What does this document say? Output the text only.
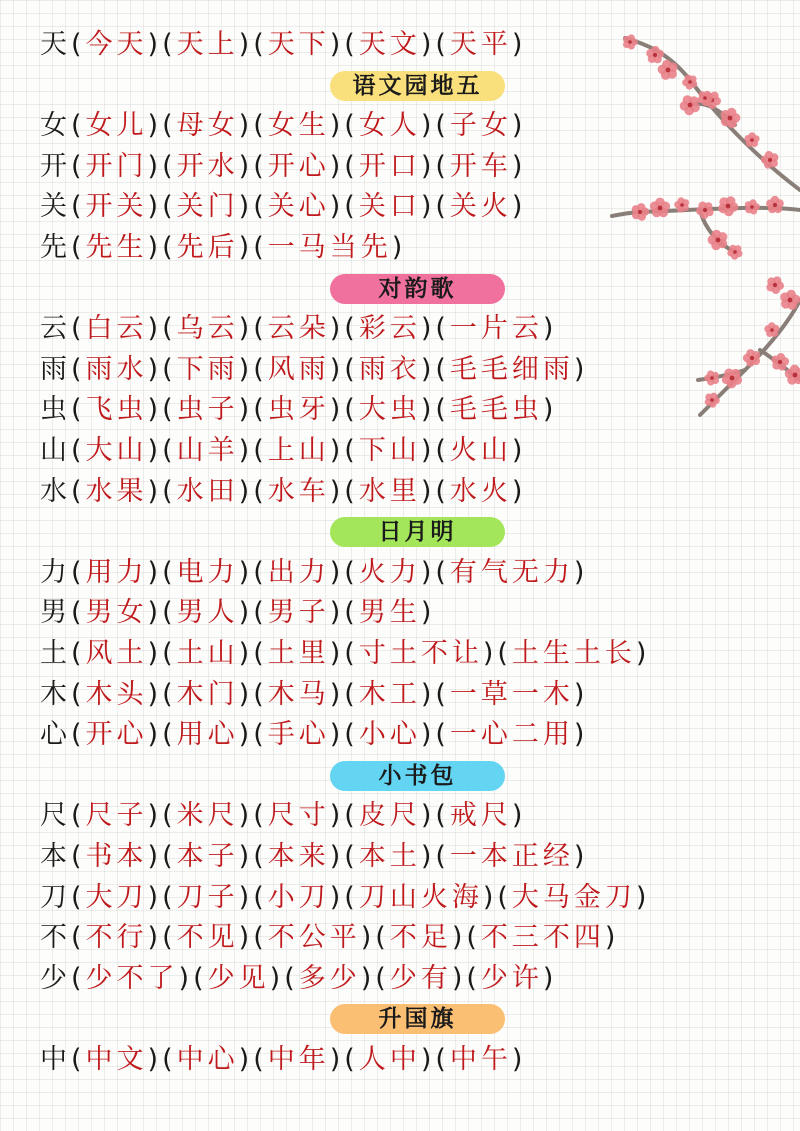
天(今天)(天上)(天下)(天文)(天平)
语文园地五
女(女儿)(母女)(女生)(女人)(子女)
开(开门)(开水)(开心)(开口)(开车)
关(开关)(关门)(关心)(关口)(关火)
先(先生)(先后)(一马当先)
对韵歌
云(白云)(乌云)(云朵)(彩云)(一片云)
雨(雨水)(下雨)(风雨)(雨衣)(毛毛细雨)
虫(飞虫)(虫子)(虫牙)(大虫)(毛毛虫)
山(大山)(山羊)(上山)(下山)(火山)
水(水果)(水田)(水车)(水里)(水火)
日月明
力(用力)(电力)(出力)(火力)(有气无力)
男(男女)(男人)(男子)(男生)
土(风土)(土山)(土里)(寸土不让)(土生土长)
木(木头)(木门)(木马)(木工)(一草一木)
心(开心)(用心)(手心)(小心)(一心二用)
小书包
尺(尺子)(米尺)(尺寸)(皮尺)(戒尺)
本(书本)(本子)(本来)(本土)(一本正经)
刀(大刀)(刀子)(小刀)(刀山火海)(大马金刀)
不(不行)(不见)(不公平)(不足)(不三不四)
少(少不了)(少见)(多少)(少有)(少许)
升国旗
中(中文)(中心)(中年)(人中)(中午)
